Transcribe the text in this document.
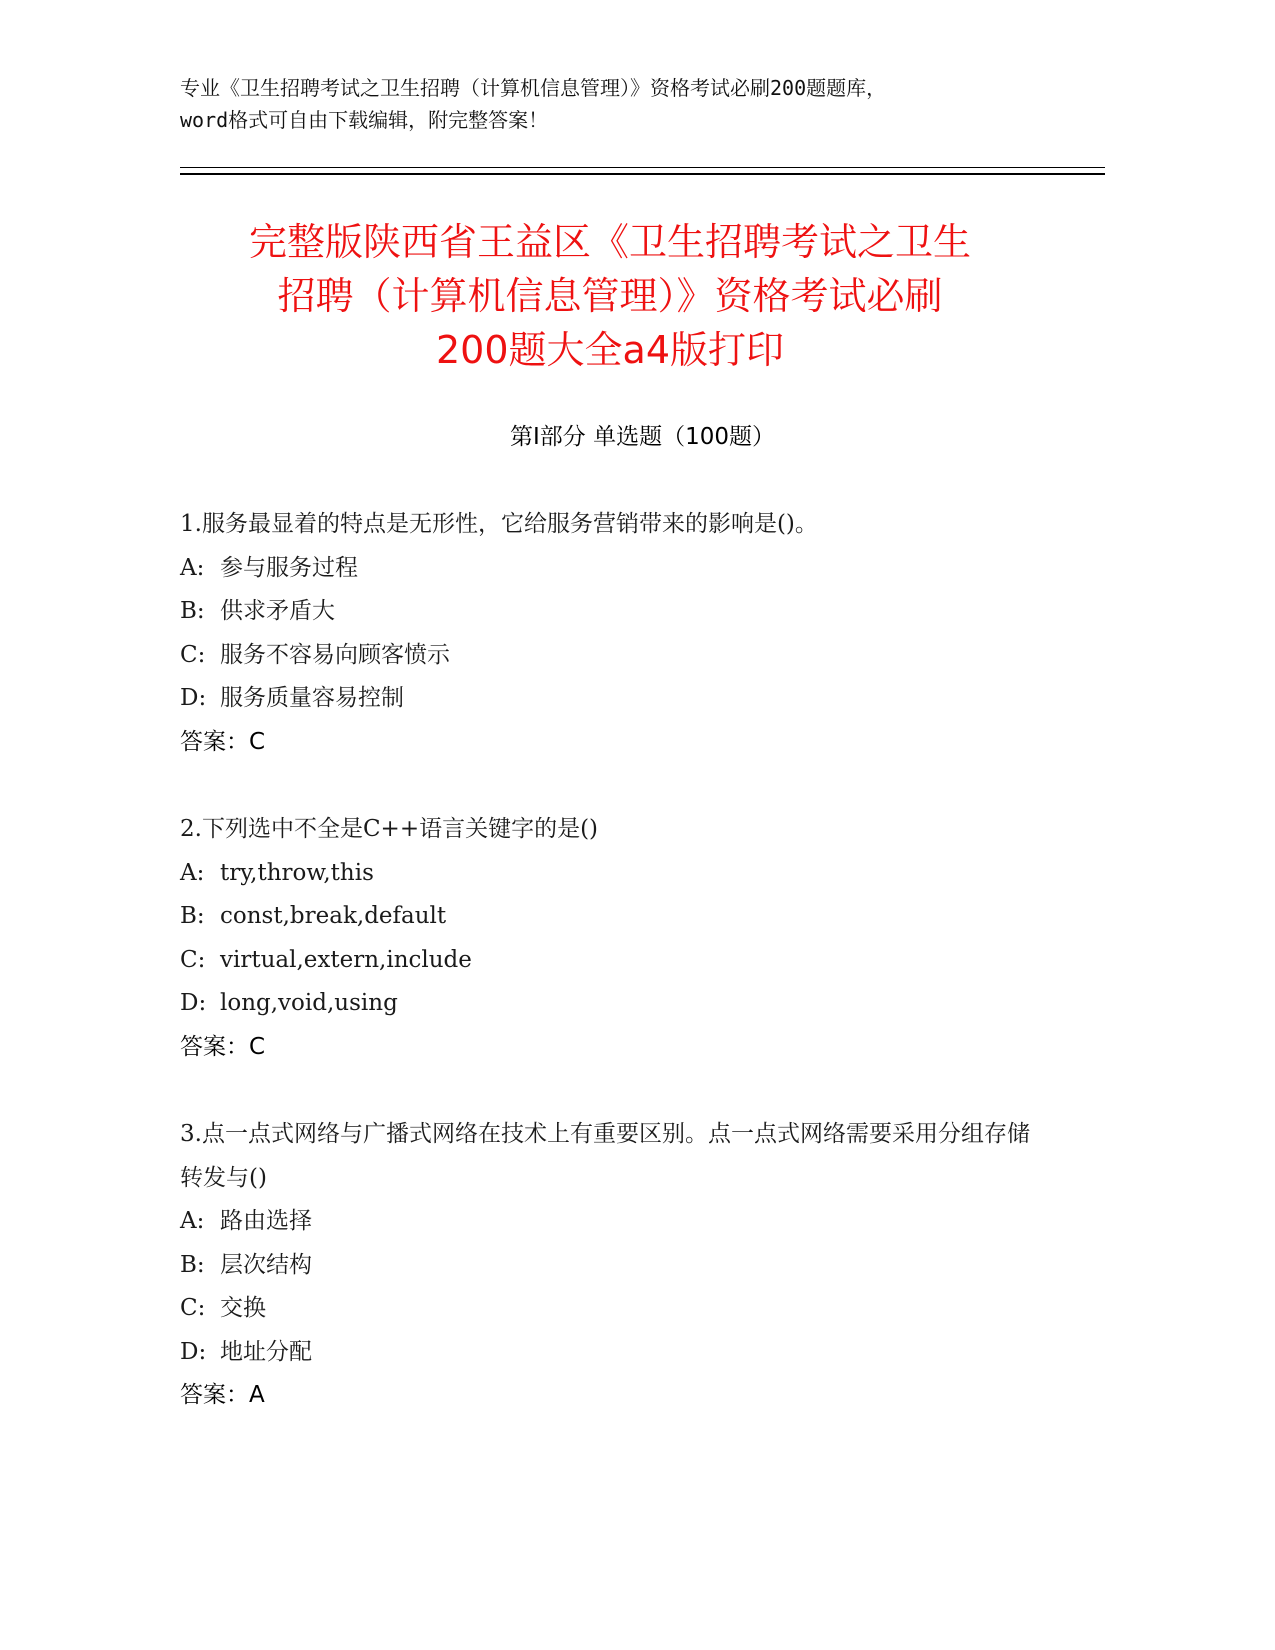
专业《卫生招聘考试之卫生招聘（计算机信息管理）》资格考试必刷200题题库，
word格式可自由下载编辑，附完整答案！
完整版陕西省王益区《卫生招聘考试之卫生
招聘（计算机信息管理）》资格考试必刷
200题大全a4版打印
第Ⅰ部分 单选题（100题）
1.服务最显着的特点是无形性，它给服务营销带来的影响是()。
A: 参与服务过程
B: 供求矛盾大
C: 服务不容易向顾客愤示
D: 服务质量容易控制
答案：C
2.下列选中不全是C++语言关键字的是()
A: try,throw,this
B: const,break,default
C: virtual,extern,include
D: long,void,using
答案：C
3.点一点式网络与广播式网络在技术上有重要区别。点一点式网络需要采用分组存储转发与()
A: 路由选择
B: 层次结构
C: 交换
D: 地址分配
答案：A
